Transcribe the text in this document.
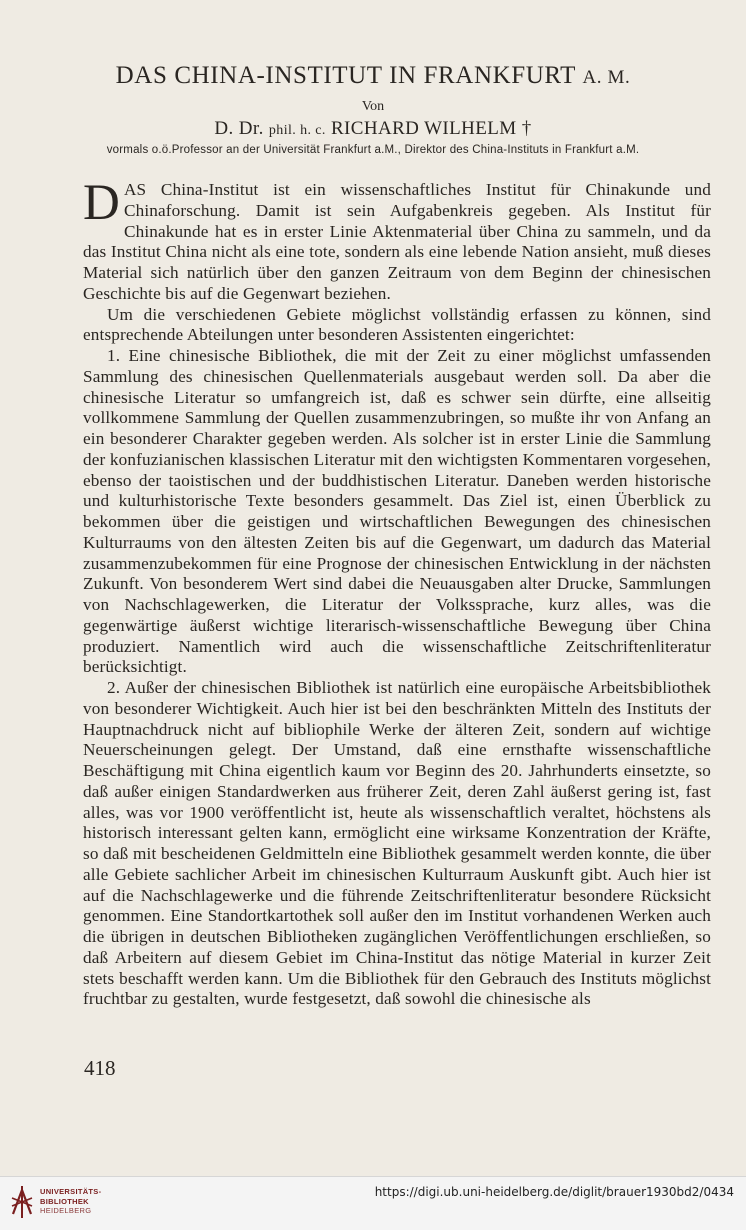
DAS CHINA-INSTITUT IN FRANKFURT A. M.
Von
D. Dr. phil. h. c. RICHARD WILHELM †
vormals o.ö.Professor an der Universität Frankfurt a.M., Direktor des China-Instituts in Frankfurt a.M.

DAS China-Institut ist ein wissenschaftliches Institut für Chinakunde und Chinaforschung. Damit ist sein Aufgabenkreis gegeben. Als Institut für Chinakunde hat es in erster Linie Aktenmaterial über China zu sammeln, und da das Institut China nicht als eine tote, sondern als eine lebende Nation ansieht, muß dieses Material sich natürlich über den ganzen Zeitraum von dem Beginn der chinesischen Geschichte bis auf die Gegenwart beziehen.

Um die verschiedenen Gebiete möglichst vollständig erfassen zu können, sind entsprechende Abteilungen unter besonderen Assistenten eingerichtet:

1. Eine chinesische Bibliothek, die mit der Zeit zu einer möglichst umfassenden Sammlung des chinesischen Quellenmaterials ausgebaut werden soll. Da aber die chinesische Literatur so umfangreich ist, daß es schwer sein dürfte, eine allseitig vollkommene Sammlung der Quellen zusammenzubringen, so mußte ihr von Anfang an ein besonderer Charakter gegeben werden. Als solcher ist in erster Linie die Sammlung der konfuzianischen klassischen Literatur mit den wichtigsten Kommentaren vorgesehen, ebenso der taoistischen und der buddhistischen Literatur. Daneben werden historische und kulturhistorische Texte besonders gesammelt. Das Ziel ist, einen Überblick zu bekommen über die geistigen und wirtschaftlichen Bewegungen des chinesischen Kulturraums von den ältesten Zeiten bis auf die Gegenwart, um dadurch das Material zusammenzubekommen für eine Prognose der chinesischen Entwicklung in der nächsten Zukunft. Von besonderem Wert sind dabei die Neuausgaben alter Drucke, Sammlungen von Nachschlagewerken, die Literatur der Volkssprache, kurz alles, was die gegenwärtige äußerst wichtige literarisch-wissenschaftliche Bewegung über China produziert. Namentlich wird auch die wissenschaftliche Zeitschriftenliteratur berücksichtigt.

2. Außer der chinesischen Bibliothek ist natürlich eine europäische Arbeitsbibliothek von besonderer Wichtigkeit. Auch hier ist bei den beschränkten Mitteln des Instituts der Hauptnachdruck nicht auf bibliophile Werke der älteren Zeit, sondern auf wichtige Neuerscheinungen gelegt. Der Umstand, daß eine ernsthafte wissenschaftliche Beschäftigung mit China eigentlich kaum vor Beginn des 20. Jahrhunderts einsetzte, so daß außer einigen Standardwerken aus früherer Zeit, deren Zahl äußerst gering ist, fast alles, was vor 1900 veröffentlicht ist, heute als wissenschaftlich veraltet, höchstens als historisch interessant gelten kann, ermöglicht eine wirksame Konzentration der Kräfte, so daß mit bescheidenen Geldmitteln eine Bibliothek gesammelt werden konnte, die über alle Gebiete sachlicher Arbeit im chinesischen Kulturraum Auskunft gibt. Auch hier ist auf die Nachschlagewerke und die führende Zeitschriftenliteratur besondere Rücksicht genommen. Eine Standortkartothek soll außer den im Institut vorhandenen Werken auch die übrigen in deutschen Bibliotheken zugänglichen Veröffentlichungen erschließen, so daß Arbeitern auf diesem Gebiet im China-Institut das nötige Material in kurzer Zeit stets beschafft werden kann. Um die Bibliothek für den Gebrauch des Instituts möglichst fruchtbar zu gestalten, wurde festgesetzt, daß sowohl die chinesische als

418
UNIVERSITÄTS-
BIBLIOTHEK
HEIDELBERG
https://digi.ub.uni-heidelberg.de/diglit/brauer1930bd2/0434
